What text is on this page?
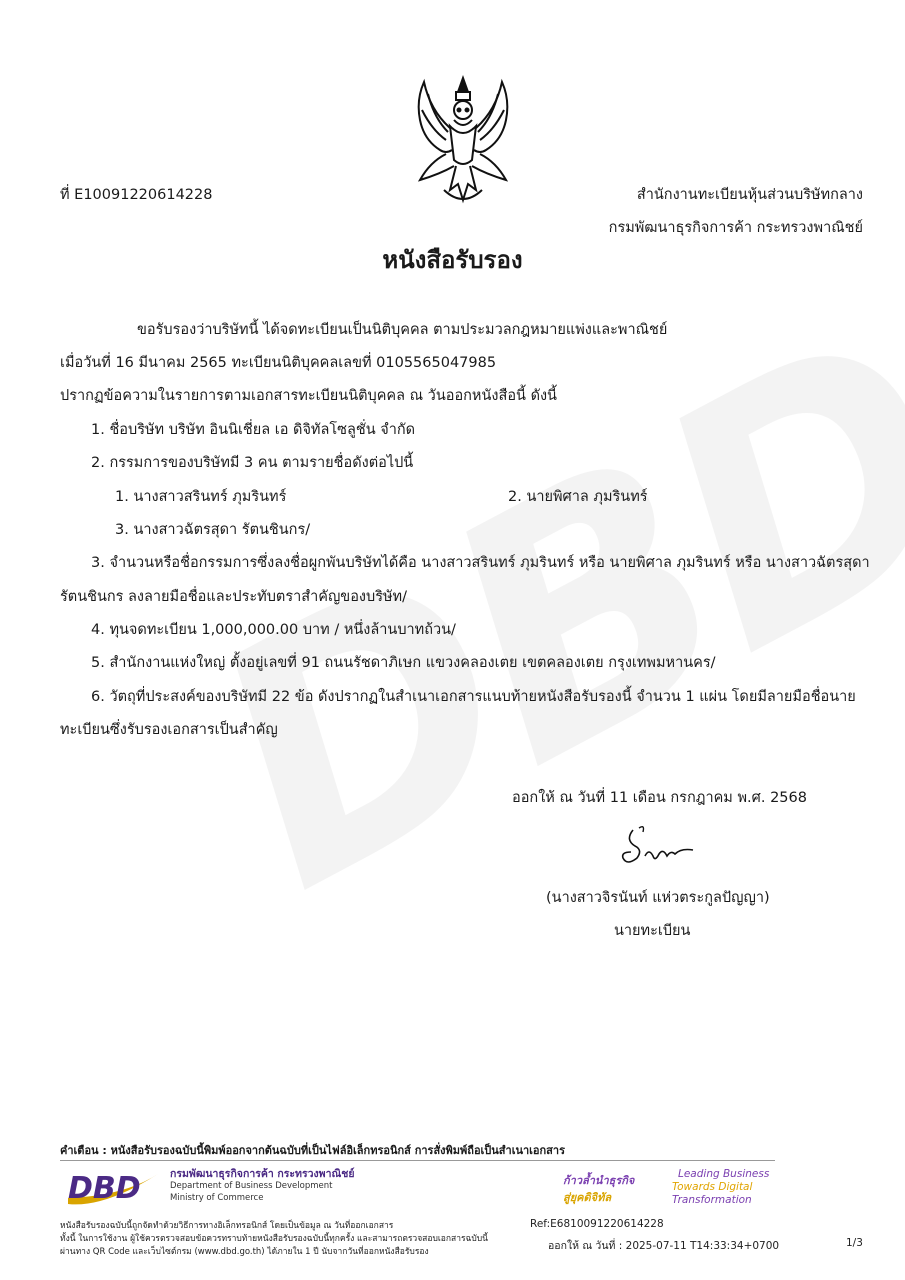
ที่ E10091220614228	สำนักงานทะเบียนหุ้นส่วนบริษัทกลาง
กรมพัฒนาธุรกิจการค้า กระทรวงพาณิชย์
หนังสือรับรอง
ขอรับรองว่าบริษัทนี้ ได้จดทะเบียนเป็นนิติบุคคล ตามประมวลกฎหมายแพ่งและพาณิชย์
เมื่อวันที่ 16 มีนาคม 2565 ทะเบียนนิติบุคคลเลขที่ 0105565047985
ปรากฏข้อความในรายการตามเอกสารทะเบียนนิติบุคคล ณ วันออกหนังสือนี้ ดังนี้
1. ชื่อบริษัท บริษัท อินนิเชี่ยล เอ ดิจิทัลโซลูชั่น จำกัด
2. กรรมการของบริษัทมี 3 คน ตามรายชื่อดังต่อไปนี้
1. นางสาวสรินทร์ ภุมรินทร์	2. นายพิศาล ภุมรินทร์
3. นางสาวฉัตรสุดา รัตนชินกร/
3. จำนวนหรือชื่อกรรมการซึ่งลงชื่อผูกพันบริษัทได้คือ นางสาวสรินทร์ ภุมรินทร์ หรือ นายพิศาล ภุมรินทร์ หรือ นางสาวฉัตรสุดา
รัตนชินกร ลงลายมือชื่อและประทับตราสำคัญของบริษัท/
4. ทุนจดทะเบียน 1,000,000.00 บาท / หนึ่งล้านบาทถ้วน/
5. สำนักงานแห่งใหญ่ ตั้งอยู่เลขที่ 91 ถนนรัชดาภิเษก แขวงคลองเตย เขตคลองเตย กรุงเทพมหานคร/
6. วัตถุที่ประสงค์ของบริษัทมี 22 ข้อ ดังปรากฏในสำเนาเอกสารแนบท้ายหนังสือรับรองนี้ จำนวน 1 แผ่น โดยมีลายมือชื่อนาย
ทะเบียนซึ่งรับรองเอกสารเป็นสำคัญ
ออกให้ ณ วันที่ 11 เดือน กรกฎาคม พ.ศ. 2568
(นางสาวจิรนันท์ แห่วตระกูลปัญญา)
นายทะเบียน
คำเตือน : หนังสือรับรองฉบับนี้พิมพ์ออกจากต้นฉบับที่เป็นไฟล์อิเล็กทรอนิกส์ การสั่งพิมพ์ถือเป็นสำเนาเอกสาร
DBD	กรมพัฒนาธุรกิจการค้า กระทรวงพาณิชย์
Department of Business Development
Ministry of Commerce
ก้าวล้ำนำธุรกิจ
สู่ยุคดิจิทัล
Leading Business
Towards Digital
Transformation
หนังสือรับรองฉบับนี้ถูกจัดทำด้วยวิธีการทางอิเล็กทรอนิกส์ โดยเป็นข้อมูล ณ วันที่ออกเอกสาร
ทั้งนี้ ในการใช้งาน ผู้ใช้ควรตรวจสอบข้อควรทราบท้ายหนังสือรับรองฉบับนี้ทุกครั้ง และสามารถตรวจสอบเอกสารฉบับนี้
ผ่านทาง QR Code และเว็บไซต์กรม (www.dbd.go.th) ได้ภายใน 1 ปี นับจากวันที่ออกหนังสือรับรอง
Ref:E6810091220614228
ออกให้ ณ วันที่ : 2025-07-11 T14:33:34+0700	1/3
